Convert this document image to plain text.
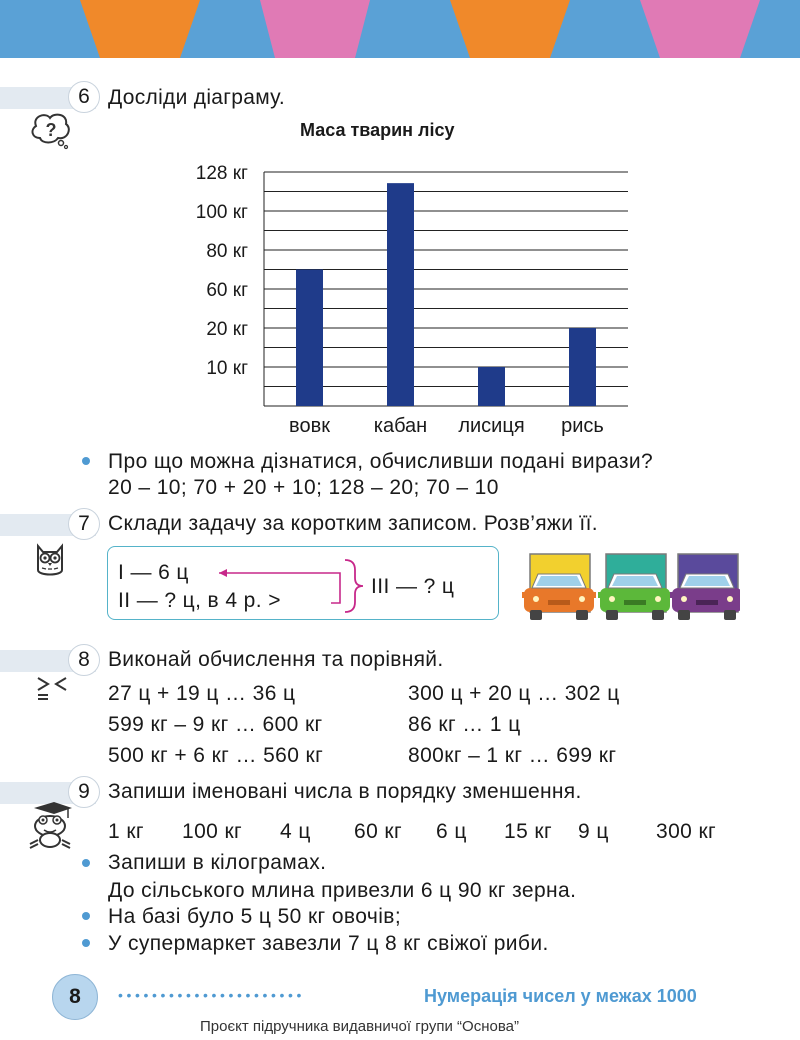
6 Досліди діаграму.
?	Маса тварин лісу
128 кг
100 кг
80 кг
60 кг
20 кг
10 кг
вовк кабан лисиця рись
Про що можна дізнатися, обчисливши подані вирази?
20 – 10; 70 + 20 + 10; 128 – 20; 70 – 10
7 Склади задачу за коротким записом. Розв’яжи її.
І — 6 ц
ІІ — ? ц, в 4 р. >
ІІІ — ? ц
8 Виконай обчислення та порівняй.
27 ц + 19 ц … 36 ц	300 ц + 20 ц … 302 ц
599 кг – 9 кг … 600 кг	86 кг … 1 ц
500 кг + 6 кг … 560 кг	800кг – 1 кг … 699 кг
9 Запиши іменовані числа в порядку зменшення.
1 кг 100 кг 4 ц 60 кг 6 ц 15 кг 9 ц 300 кг
Запиши в кілограмах.
До сільського млина привезли 6 ц 90 кг зерна.
На базі було 5 ц 50 кг овочів;
У супермаркет завезли 7 ц 8 кг свіжої риби.
8	••••••••••••••••••••••	Нумерація чисел у межах 1000
Проєкт підручника видавничої групи “Основа”
